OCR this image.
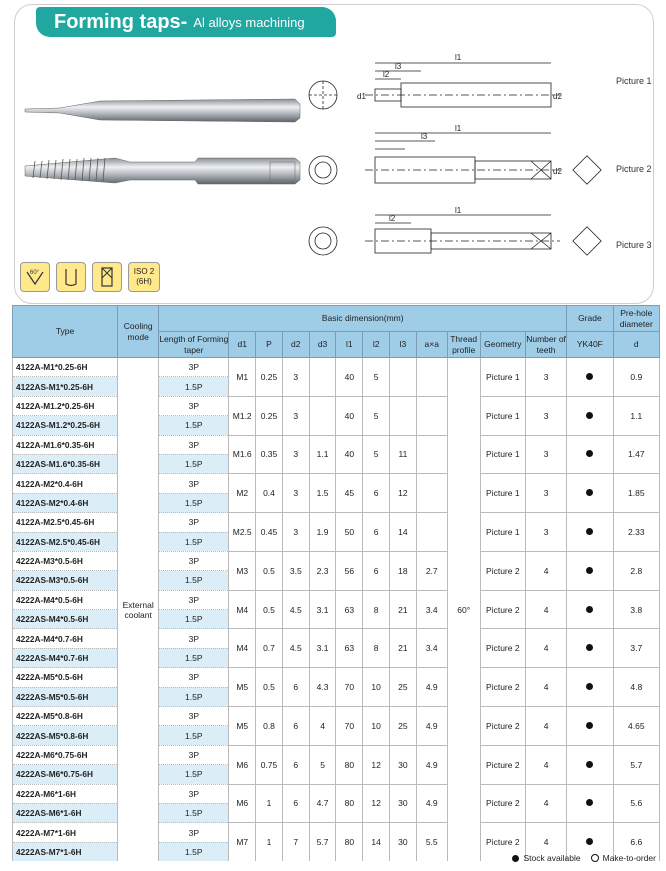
Forming taps - Al alloys machining
l1
l3
l2
d1	d2
l1
l3
d2
l1
l2
Picture 1
Picture 2
Picture 3
60°	ISO 2
(6H)
Type	Cooling mode	Basic dimension(mm)												Grade	Pre-hole diameter
		Length of Forming taper	d1	P	d2	d3	l1	l2	l3	a×a	Thread profile	Geometry	Number of teeth	YK40F	d
4122A-M1*0.25-6H	External coolant	3P	M1	0.25	3		40	5			60°	Picture 1	3		0.9
4122AS-M1*0.25-6H		1.5P													
4122A-M1.2*0.25-6H		3P	M1.2	0.25	3		40	5				Picture 1	3		1.1
4122AS-M1.2*0.25-6H		1.5P													
4122A-M1.6*0.35-6H		3P	M1.6	0.35	3	1.1	40	5	11			Picture 1	3		1.47
4122AS-M1.6*0.35-6H		1.5P													
4122A-M2*0.4-6H		3P	M2	0.4	3	1.5	45	6	12			Picture 1	3		1.85
4122AS-M2*0.4-6H		1.5P													
4122A-M2.5*0.45-6H		3P	M2.5	0.45	3	1.9	50	6	14			Picture 1	3		2.33
4122AS-M2.5*0.45-6H		1.5P													
4222A-M3*0.5-6H		3P	M3	0.5	3.5	2.3	56	6	18	2.7		Picture 2	4		2.8
4222AS-M3*0.5-6H		1.5P													
4222A-M4*0.5-6H		3P	M4	0.5	4.5	3.1	63	8	21	3.4		Picture 2	4		3.8
4222AS-M4*0.5-6H		1.5P													
4222A-M4*0.7-6H		3P	M4	0.7	4.5	3.1	63	8	21	3.4		Picture 2	4		3.7
4222AS-M4*0.7-6H		1.5P													
4222A-M5*0.5-6H		3P	M5	0.5	6	4.3	70	10	25	4.9		Picture 2	4		4.8
4222AS-M5*0.5-6H		1.5P													
4222A-M5*0.8-6H		3P	M5	0.8	6	4	70	10	25	4.9		Picture 2	4		4.65
4222AS-M5*0.8-6H		1.5P													
4222A-M6*0.75-6H		3P	M6	0.75	6	5	80	12	30	4.9		Picture 2	4		5.7
4222AS-M6*0.75-6H		1.5P													
4222A-M6*1-6H		3P	M6	1	6	4.7	80	12	30	4.9		Picture 2	4		5.6
4222AS-M6*1-6H		1.5P													
4222A-M7*1-6H		3P	M7	1	7	5.7	80	14	30	5.5		Picture 2	4		6.6
4222AS-M7*1-6H		1.5P													
Stock available	Make-to-order
